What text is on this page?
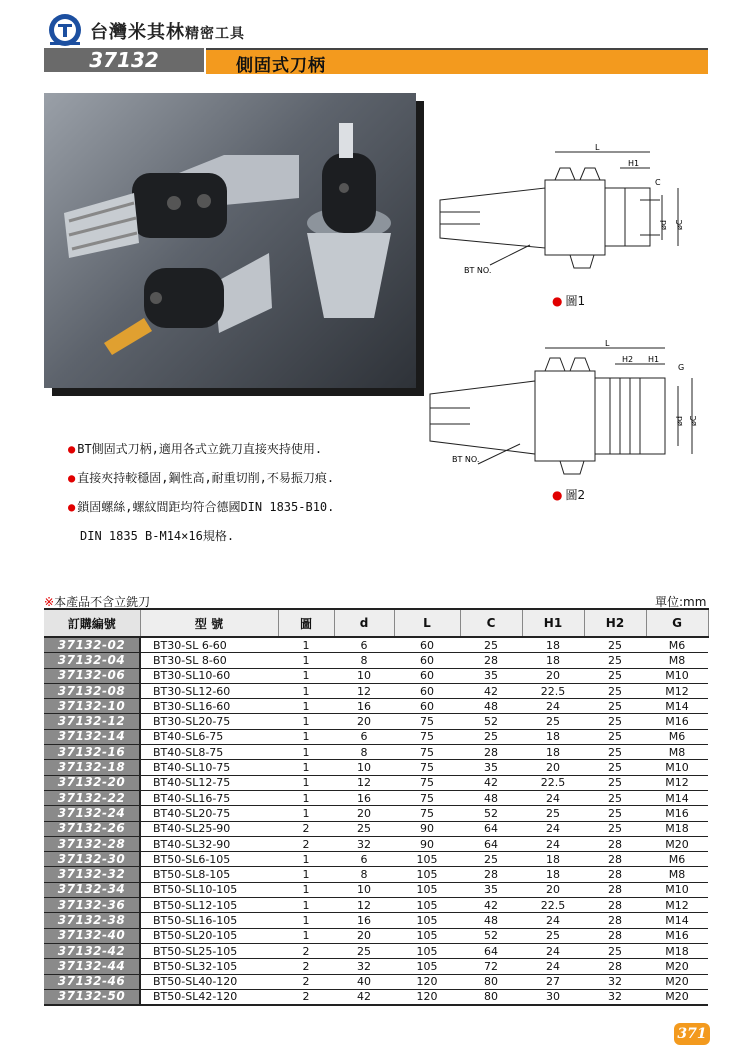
台灣米其林精密工具
37132	側固式刀柄
L
H1
C
ød øC
BT NO.
● 圖1
L
H2 H1
G
ød øC
BT NO.
● 圖2
● BT側固式刀柄,適用各式立銑刀直接夾持使用.
● 直接夾持較穩固,鋼性高,耐重切削,不易振刀痕.
● 鎖固螺絲,螺紋間距均符合德國DIN 1835-B10.
DIN 1835 B-M14×16規格.
※本產品不含立銑刀	單位:mm
訂購編號	型 號	圖	d	L	C	H1	H2	G
37132-02	BT30-SL 6-60	1	6	60	25	18	25	M6
37132-04	BT30-SL 8-60	1	8	60	28	18	25	M8
37132-06	BT30-SL10-60	1	10	60	35	20	25	M10
37132-08	BT30-SL12-60	1	12	60	42	22.5	25	M12
37132-10	BT30-SL16-60	1	16	60	48	24	25	M14
37132-12	BT30-SL20-75	1	20	75	52	25	25	M16
37132-14	BT40-SL6-75	1	6	75	25	18	25	M6
37132-16	BT40-SL8-75	1	8	75	28	18	25	M8
37132-18	BT40-SL10-75	1	10	75	35	20	25	M10
37132-20	BT40-SL12-75	1	12	75	42	22.5	25	M12
37132-22	BT40-SL16-75	1	16	75	48	24	25	M14
37132-24	BT40-SL20-75	1	20	75	52	25	25	M16
37132-26	BT40-SL25-90	2	25	90	64	24	25	M18
37132-28	BT40-SL32-90	2	32	90	64	24	28	M20
37132-30	BT50-SL6-105	1	6	105	25	18	28	M6
37132-32	BT50-SL8-105	1	8	105	28	18	28	M8
37132-34	BT50-SL10-105	1	10	105	35	20	28	M10
37132-36	BT50-SL12-105	1	12	105	42	22.5	28	M12
37132-38	BT50-SL16-105	1	16	105	48	24	28	M14
37132-40	BT50-SL20-105	1	20	105	52	25	28	M16
37132-42	BT50-SL25-105	2	25	105	64	24	25	M18
37132-44	BT50-SL32-105	2	32	105	72	24	28	M20
37132-46	BT50-SL40-120	2	40	120	80	27	32	M20
37132-50	BT50-SL42-120	2	42	120	80	30	32	M20
371
